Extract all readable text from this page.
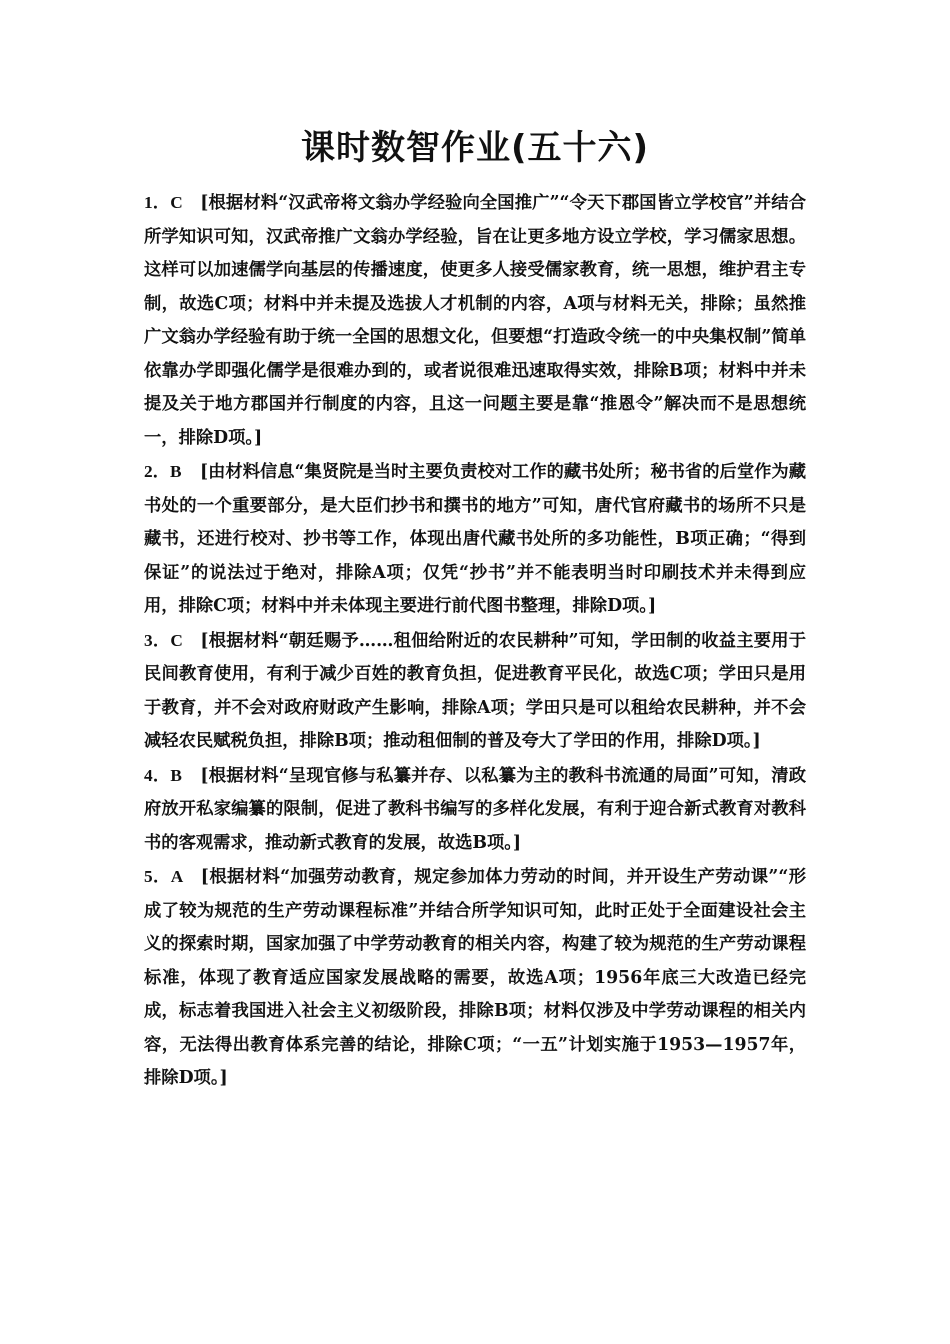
课时数智作业(五十六)

1．C [根据材料“汉武帝将文翁办学经验向全国推广”“令天下郡国皆立学校官”并结合所学知识可知，汉武帝推广文翁办学经验，旨在让更多地方设立学校，学习儒家思想。这样可以加速儒学向基层的传播速度，使更多人接受儒家教育，统一思想，维护君主专制，故选C项；材料中并未提及选拔人才机制的内容，A项与材料无关，排除；虽然推广文翁办学经验有助于统一全国的思想文化，但要想“打造政令统一的中央集权制”简单依靠办学即强化儒学是很难办到的，或者说很难迅速取得实效，排除B项；材料中并未提及关于地方郡国并行制度的内容，且这一问题主要是靠“推恩令”解决而不是思想统一，排除D项。]

2．B [由材料信息“集贤院是当时主要负责校对工作的藏书处所；秘书省的后堂作为藏书处的一个重要部分，是大臣们抄书和撰书的地方”可知，唐代官府藏书的场所不只是藏书，还进行校对、抄书等工作，体现出唐代藏书处所的多功能性，B项正确；“得到保证”的说法过于绝对，排除A项；仅凭“抄书”并不能表明当时印刷技术并未得到应用，排除C项；材料中并未体现主要进行前代图书整理，排除D项。]

3．C [根据材料“朝廷赐予……租佃给附近的农民耕种”可知，学田制的收益主要用于民间教育使用，有利于减少百姓的教育负担，促进教育平民化，故选C项；学田只是用于教育，并不会对政府财政产生影响，排除A项；学田只是可以租给农民耕种，并不会减轻农民赋税负担，排除B项；推动租佃制的普及夸大了学田的作用，排除D项。]

4．B [根据材料“呈现官修与私纂并存、以私纂为主的教科书流通的局面”可知，清政府放开私家编纂的限制，促进了教科书编写的多样化发展，有利于迎合新式教育对教科书的客观需求，推动新式教育的发展，故选B项。]

5．A [根据材料“加强劳动教育，规定参加体力劳动的时间，并开设生产劳动课”“形成了较为规范的生产劳动课程标准”并结合所学知识可知，此时正处于全面建设社会主义的探索时期，国家加强了中学劳动教育的相关内容，构建了较为规范的生产劳动课程标准，体现了教育适应国家发展战略的需要，故选A项；1956年底三大改造已经完成，标志着我国进入社会主义初级阶段，排除B项；材料仅涉及中学劳动课程的相关内容，无法得出教育体系完善的结论，排除C项；“一五”计划实施于1953—1957年，排除D项。]
